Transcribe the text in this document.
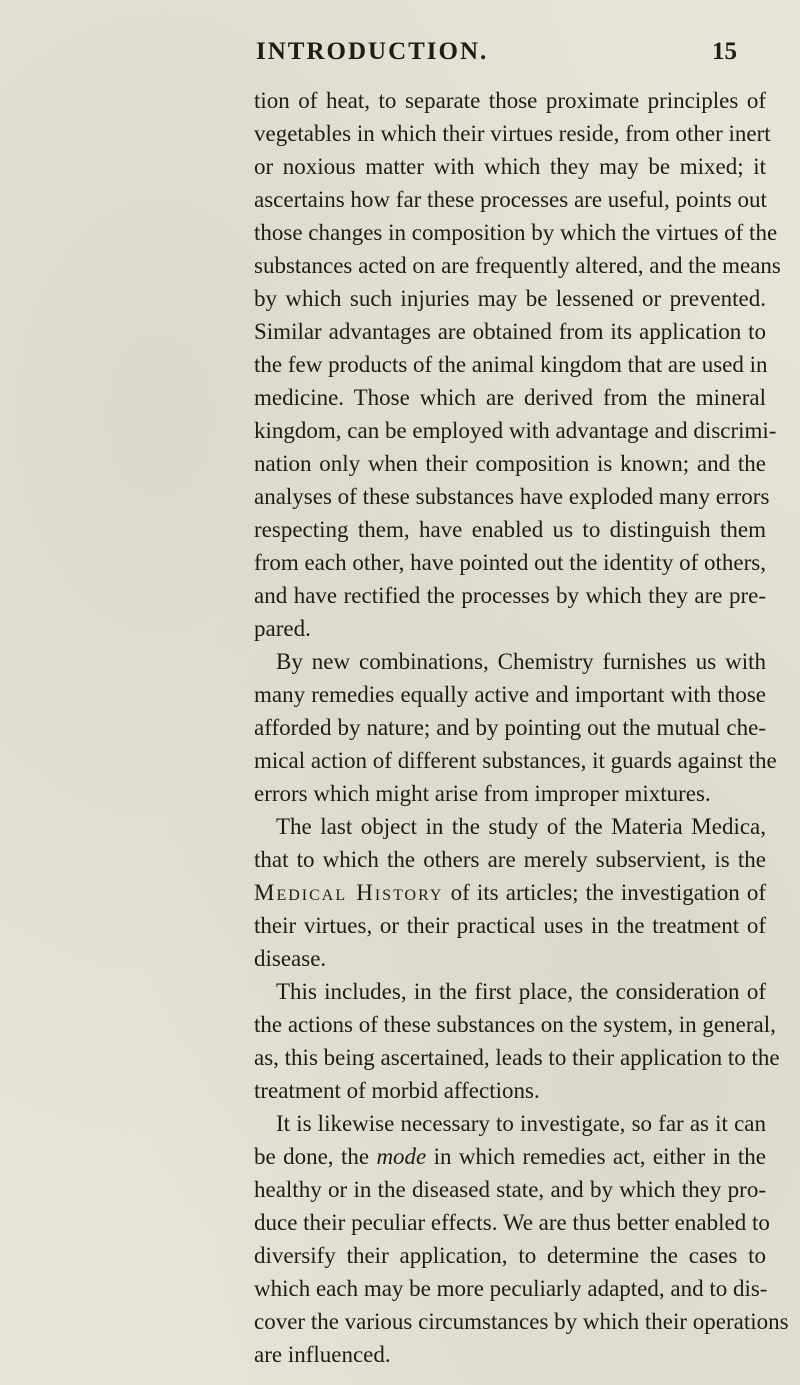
INTRODUCTION.	15
tion of heat, to separate those proximate principles of
vegetables in which their virtues reside, from other inert
or noxious matter with which they may be mixed; it
ascertains how far these processes are useful, points out
those changes in composition by which the virtues of the
substances acted on are frequently altered, and the means
by which such injuries may be lessened or prevented.
Similar advantages are obtained from its application to
the few products of the animal kingdom that are used in
medicine. Those which are derived from the mineral
kingdom, can be employed with advantage and discrimi-
nation only when their composition is known; and the
analyses of these substances have exploded many errors
respecting them, have enabled us to distinguish them
from each other, have pointed out the identity of others,
and have rectified the processes by which they are pre-
pared.
By new combinations, Chemistry furnishes us with
many remedies equally active and important with those
afforded by nature; and by pointing out the mutual che-
mical action of different substances, it guards against the
errors which might arise from improper mixtures.
The last object in the study of the Materia Medica,
that to which the others are merely subservient, is the
Medical History of its articles; the investigation of
their virtues, or their practical uses in the treatment of
disease.
This includes, in the first place, the consideration of
the actions of these substances on the system, in general,
as, this being ascertained, leads to their application to the
treatment of morbid affections.
It is likewise necessary to investigate, so far as it can
be done, the mode in which remedies act, either in the
healthy or in the diseased state, and by which they pro-
duce their peculiar effects. We are thus better enabled to
diversify their application, to determine the cases to
which each may be more peculiarly adapted, and to dis-
cover the various circumstances by which their operations
are influenced.
